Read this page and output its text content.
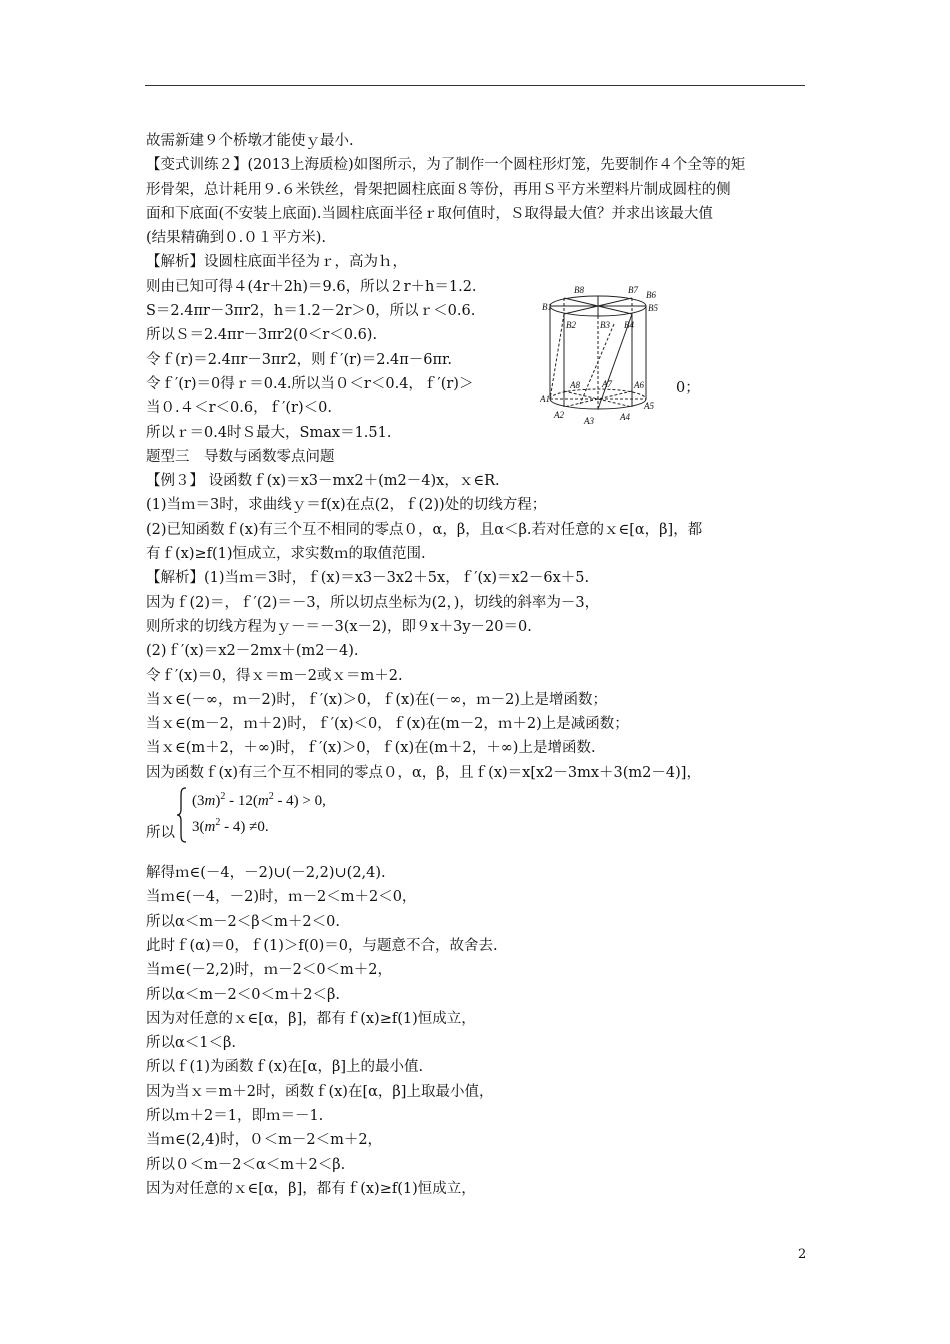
故需新建９个桥墩才能使ｙ最小.
【变式训练２】(2013上海质检)如图所示，为了制作一个圆柱形灯笼，先要制作４个全等的矩
形骨架，总计耗用９.６米铁丝，骨架把圆柱底面８等份，再用Ｓ平方米塑料片制成圆柱的侧
面和下底面(不安装上底面).当圆柱底面半径ｒ取何值时，Ｓ取得最大值？并求出该最大值
(结果精确到０.０１平方米).
【解析】设圆柱底面半径为ｒ，高为ｈ，
则由已知可得４(4r＋2h)＝9.6，所以２r＋h＝1.2.
S＝2.4πr－3πr2，h＝1.2－2r＞0，所以ｒ＜0.6.
所以Ｓ＝2.4πr－3πr2(0＜r＜0.6).
令ｆ(r)＝2.4πr－3πr2，则ｆ′(r)＝2.4π－6πr.
令ｆ′(r)＝0得ｒ＝0.4.所以当０＜r＜0.4，ｆ′(r)＞
当０.４＜r＜0.6，ｆ′(r)＜0.
所以ｒ＝0.4时Ｓ最大，Smax＝1.51.
题型三　导数与函数零点问题
【例３】 设函数ｆ(x)＝x3－mx2＋(m2－4)x，ｘ∈R.
(1)当ｍ＝3时，求曲线ｙ＝f(x)在点(2，ｆ(2))处的切线方程；
(2)已知函数ｆ(x)有三个互不相同的零点０，α，β，且α＜β.若对任意的ｘ∈[α，β]，都
有ｆ(x)≥f(1)恒成立，求实数ｍ的取值范围.
【解析】(1)当ｍ＝3时，ｆ(x)＝x3－3x2＋5x，ｆ′(x)＝x2－6x＋5.
因为ｆ(2)＝，ｆ′(2)＝－3，所以切点坐标为(2，)，切线的斜率为－3，
则所求的切线方程为ｙ－＝－3(x－2)，即９x＋3y－20＝0.
(2)ｆ′(x)＝x2－2mx＋(m2－4).
令ｆ′(x)＝0，得ｘ＝m－2或ｘ＝m＋2.
当ｘ∈(－∞，ｍ－2)时，ｆ′(x)＞0，ｆ(x)在(－∞，ｍ－2)上是增函数；
当ｘ∈(m－2，ｍ＋2)时，ｆ′(x)＜0，ｆ(x)在(m－2，ｍ＋2)上是减函数；
当ｘ∈(m＋2，＋∞)时，ｆ′(x)＞0，ｆ(x)在(m＋2，＋∞)上是增函数.
因为函数ｆ(x)有三个互不相同的零点０，α，β，且ｆ(x)＝x[x2－3mx＋3(m2－4)]，
所以
$(3m)^2 - 12(m^2 - 4) > 0$,
$3(m^2 - 4) \ne 0$.
解得ｍ∈(－4，－2)∪(－2,2)∪(2,4).
当ｍ∈(－4，－2)时，ｍ－2＜m＋2＜0，
所以α＜m－2＜β＜m＋2＜0.
此时ｆ(α)＝0，ｆ(1)＞f(0)＝0，与题意不合，故舍去.
当ｍ∈(－2,2)时，ｍ－2＜0＜m＋2，
所以α＜m－2＜0＜m＋2＜β.
因为对任意的ｘ∈[α，β]，都有ｆ(x)≥f(1)恒成立，
所以α＜1＜β.
所以ｆ(1)为函数ｆ(x)在[α，β]上的最小值.
因为当ｘ＝m＋2时，函数ｆ(x)在[α，β]上取最小值，
所以ｍ＋2＝1，即ｍ＝－1.
当ｍ∈(2,4)时，０＜m－2＜m＋2，
所以０＜m－2＜α＜m＋2＜β.
因为对任意的ｘ∈[α，β]，都有ｆ(x)≥f(1)恒成立，
0；
B1
B2	B3 B4
B5
B6
B7
B8
A1
A2
A3	A4
A5
A6
A7
A8
2
